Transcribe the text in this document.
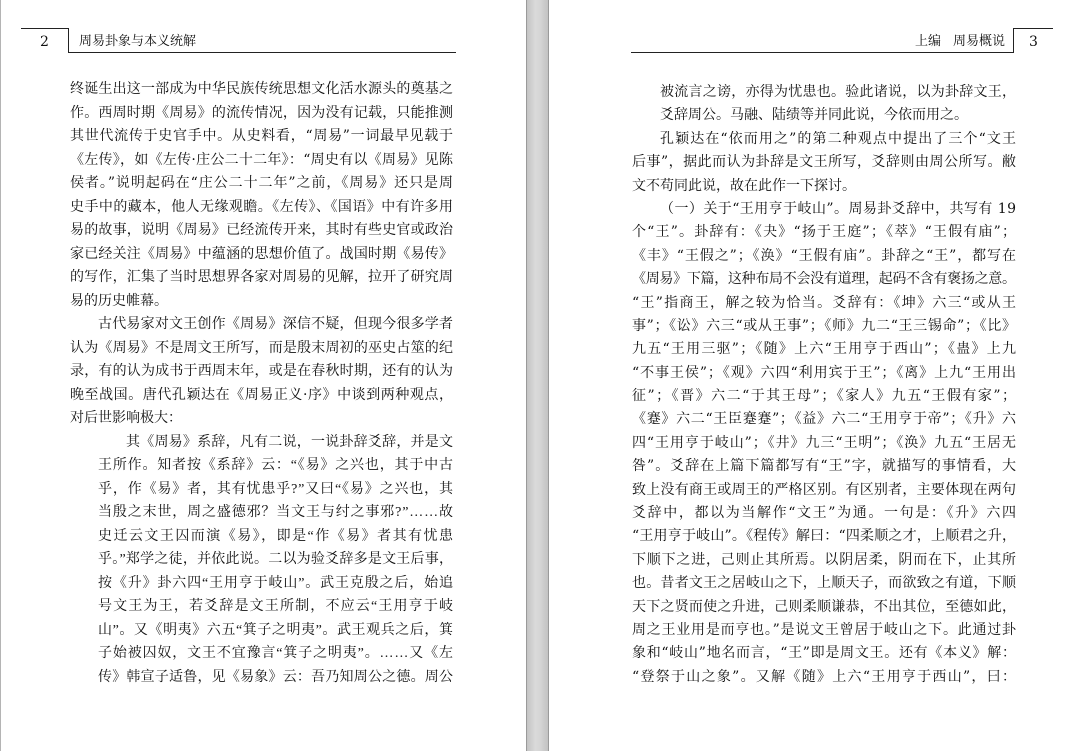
2	周易卦象与本义统解
终诞生出这一部成为中华民族传统思想文化活水源头的奠基之
作。西周时期《周易》的流传情况，因为没有记载，只能推测
其世代流传于史官手中。从史料看，“周易”一词最早见载于
《左传》，如《左传·庄公二十二年》：“周史有以《周易》见陈
侯者。”说明起码在“庄公二十二年”之前，《周易》还只是周
史手中的藏本，他人无缘观瞻。《左传》、《国语》中有许多用
易的故事，说明《周易》已经流传开来，其时有些史官或政治
家已经关注《周易》中蕴涵的思想价值了。战国时期《易传》
的写作，汇集了当时思想界各家对周易的见解，拉开了研究周
易的历史帷幕。
古代易家对文王创作《周易》深信不疑，但现今很多学者
认为《周易》不是周文王所写，而是殷末周初的巫史占筮的纪
录，有的认为成书于西周末年，或是在春秋时期，还有的认为
晚至战国。唐代孔颖达在《周易正义·序》中谈到两种观点，
对后世影响极大：
其《周易》系辞，凡有二说，一说卦辞爻辞，并是文
王所作。知者按《系辞》云：“《易》之兴也，其于中古
乎，作《易》者，其有忧患乎?”又曰“《易》之兴也，其
当殷之末世，周之盛德邪？当文王与纣之事邪?”……故
史迁云文王囚而演《易》，即是“作《易》者其有忧患
乎。”郑学之徒，并依此说。二以为验爻辞多是文王后事，
按《升》卦六四“王用亨于岐山”。武王克殷之后，始追
号文王为王，若爻辞是文王所制，不应云“王用亨于岐
山”。又《明夷》六五“箕子之明夷”。武王观兵之后，箕
子始被囚奴，文王不宜豫言“箕子之明夷”。……又《左
传》韩宣子适鲁，见《易象》云：吾乃知周公之德。周公
上编 周易概说	3
被流言之谤，亦得为忧患也。验此诸说，以为卦辞文王，
爻辞周公。马融、陆绩等并同此说，今依而用之。
孔颖达在“依而用之”的第二种观点中提出了三个“文王
后事”，据此而认为卦辞是文王所写，爻辞则由周公所写。敝
文不苟同此说，故在此作一下探讨。
（一）关于“王用亨于岐山”。周易卦爻辞中，共写有 19
个“王”。卦辞有：《夬》“扬于王庭”；《萃》“王假有庙”；
《丰》“王假之”；《涣》“王假有庙”。卦辞之“王”，都写在
《周易》下篇，这种布局不会没有道理，起码不含有褒扬之意。
“王”指商王，解之较为恰当。爻辞有：《坤》六三“或从王
事”；《讼》六三“或从王事”；《师》九二“王三锡命”；《比》
九五“王用三驱”；《随》上六“王用亨于西山”；《蛊》上九
“不事王侯”；《观》六四“利用宾于王”；《离》上九“王用出
征”；《晋》六二“于其王母”；《家人》九五“王假有家”；
《蹇》六二“王臣蹇蹇”；《益》六二“王用亨于帝”；《升》六
四“王用亨于岐山”；《井》九三“王明”；《涣》九五“王居无
咎”。爻辞在上篇下篇都写有“王”字，就描写的事情看，大
致上没有商王或周王的严格区别。有区别者，主要体现在两句
爻辞中，都以为当解作“文王”为通。一句是：《升》六四
“王用亨于岐山”。《程传》解曰：“四柔顺之才，上顺君之升，
下顺下之进，己则止其所焉。以阴居柔，阴而在下，止其所
也。昔者文王之居岐山之下，上顺天子，而欲致之有道，下顺
天下之贤而使之升进，己则柔顺谦恭，不出其位，至德如此，
周之王业用是而亨也。”是说文王曾居于岐山之下。此通过卦
象和“岐山”地名而言，“王”即是周文王。还有《本义》解：
“登祭于山之象”。又解《随》上六“王用亨于西山”，曰：
